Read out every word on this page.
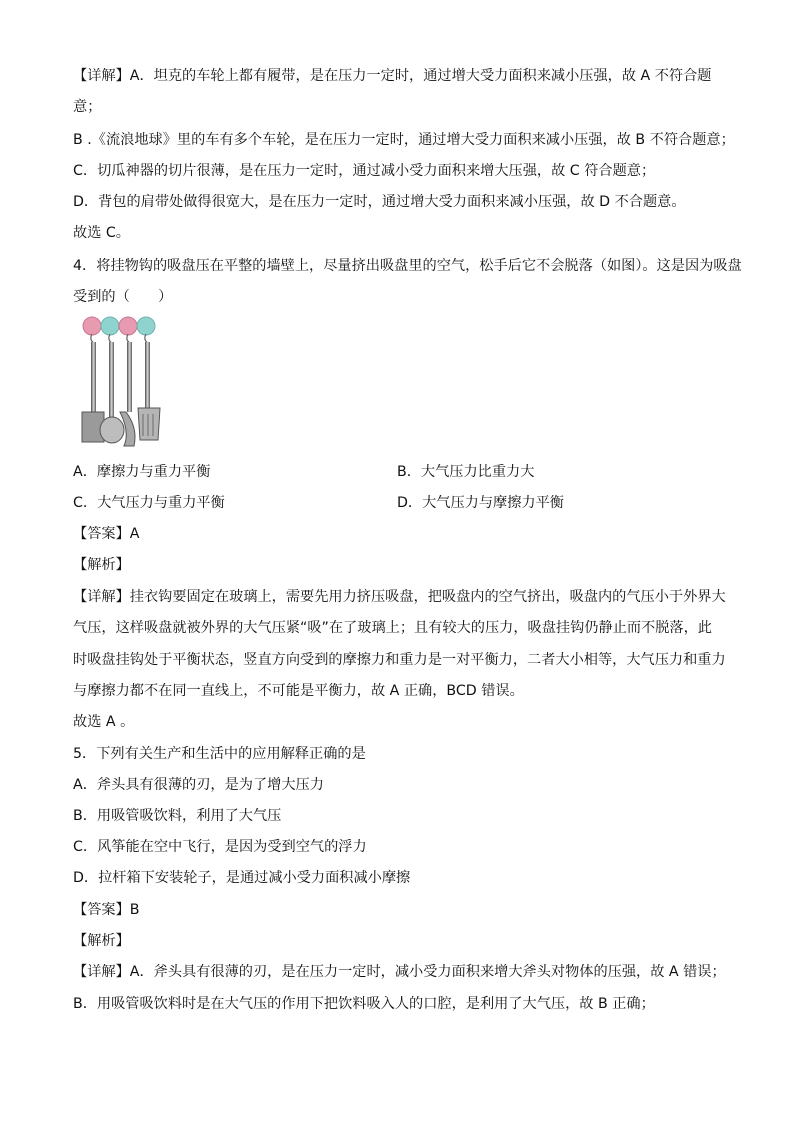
【详解】A．坦克的车轮上都有履带，是在压力一定时，通过增大受力面积来减小压强，故 A 不符合题
意；
B .《流浪地球》里的车有多个车轮，是在压力一定时，通过增大受力面积来减小压强，故 B 不符合题意；
C．切瓜神器的切片很薄，是在压力一定时，通过减小受力面积来增大压强，故 C 符合题意；
D．背包的肩带处做得很宽大，是在压力一定时，通过增大受力面积来减小压强，故 D 不合题意。
故选 C。
4．将挂物钩的吸盘压在平整的墙壁上，尽量挤出吸盘里的空气，松手后它不会脱落（如图）。这是因为吸盘
受到的（　　）
A．摩擦力与重力平衡	B．大气压力比重力大
C．大气压力与重力平衡	D．大气压力与摩擦力平衡
【答案】A
【解析】
【详解】挂衣钩要固定在玻璃上，需要先用力挤压吸盘，把吸盘内的空气挤出，吸盘内的气压小于外界大
气压，这样吸盘就被外界的大气压紧“吸”在了玻璃上；且有较大的压力，吸盘挂钩仍静止而不脱落，此
时吸盘挂钩处于平衡状态，竖直方向受到的摩擦力和重力是一对平衡力，二者大小相等，大气压力和重力
与摩擦力都不在同一直线上，不可能是平衡力，故 A 正确，BCD 错误。
故选 A 。
5．下列有关生产和生活中的应用解释正确的是
A．斧头具有很薄的刃，是为了增大压力
B．用吸管吸饮料，利用了大气压
C．风筝能在空中飞行，是因为受到空气的浮力
D．拉杆箱下安装轮子，是通过减小受力面积减小摩擦
【答案】B
【解析】
【详解】A．斧头具有很薄的刃，是在压力一定时，减小受力面积来增大斧头对物体的压强，故 A 错误；
B．用吸管吸饮料时是在大气压的作用下把饮料吸入人的口腔，是利用了大气压，故 B 正确；
